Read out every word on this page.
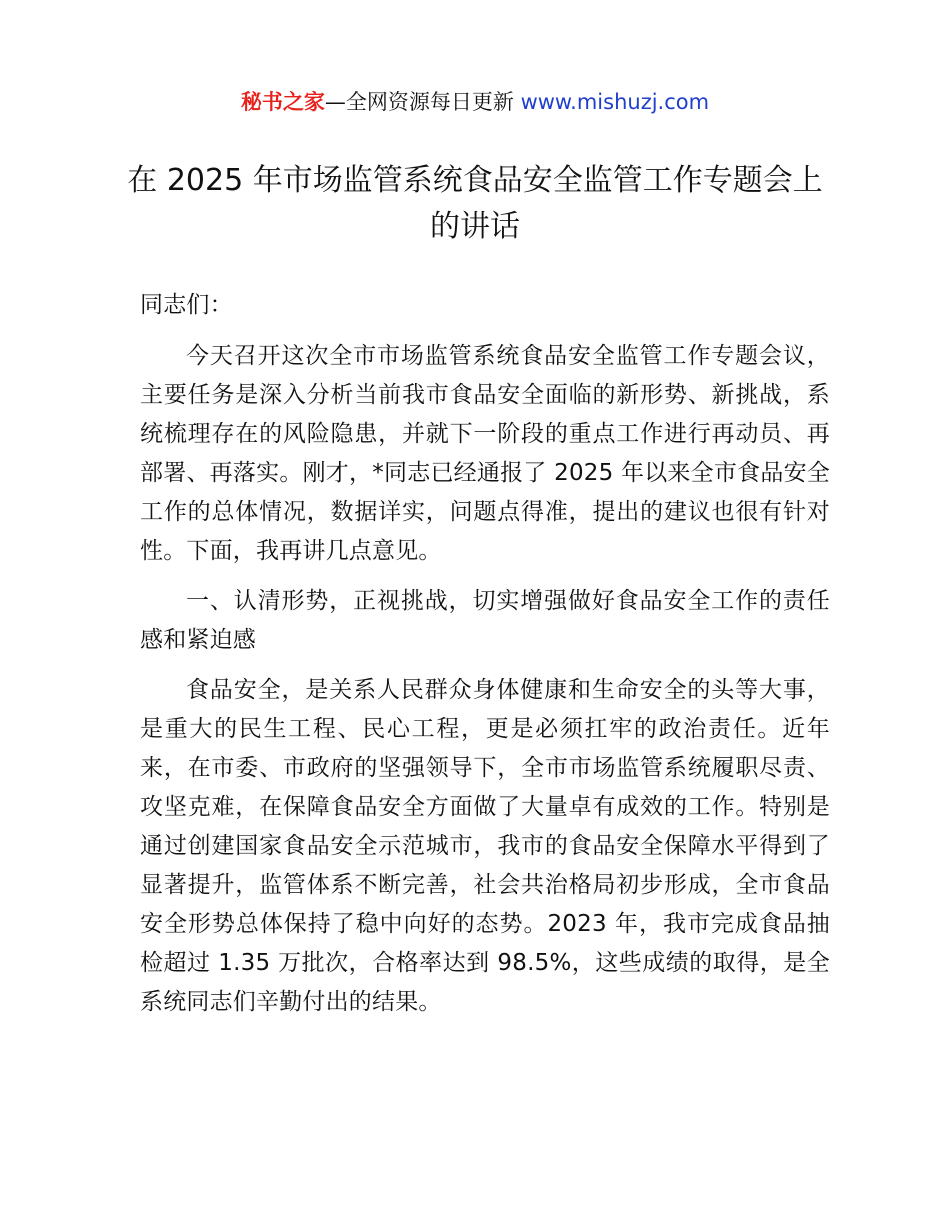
秘书之家—全网资源每日更新 www.mishuzj.com
在 2025 年市场监管系统食品安全监管工作专题会上的讲话

同志们：

今天召开这次全市市场监管系统食品安全监管工作专题会议，主要任务是深入分析当前我市食品安全面临的新形势、新挑战，系统梳理存在的风险隐患，并就下一阶段的重点工作进行再动员、再部署、再落实。刚才，*同志已经通报了 2025 年以来全市食品安全工作的总体情况，数据详实，问题点得准，提出的建议也很有针对性。下面，我再讲几点意见。

一、认清形势，正视挑战，切实增强做好食品安全工作的责任感和紧迫感

食品安全，是关系人民群众身体健康和生命安全的头等大事，是重大的民生工程、民心工程，更是必须扛牢的政治责任。近年来，在市委、市政府的坚强领导下，全市市场监管系统履职尽责、攻坚克难，在保障食品安全方面做了大量卓有成效的工作。特别是通过创建国家食品安全示范城市，我市的食品安全保障水平得到了显著提升，监管体系不断完善，社会共治格局初步形成，全市食品安全形势总体保持了稳中向好的态势。2023 年，我市完成食品抽检超过 1.35 万批次，合格率达到 98.5%，这些成绩的取得，是全系统同志们辛勤付出的结果。
